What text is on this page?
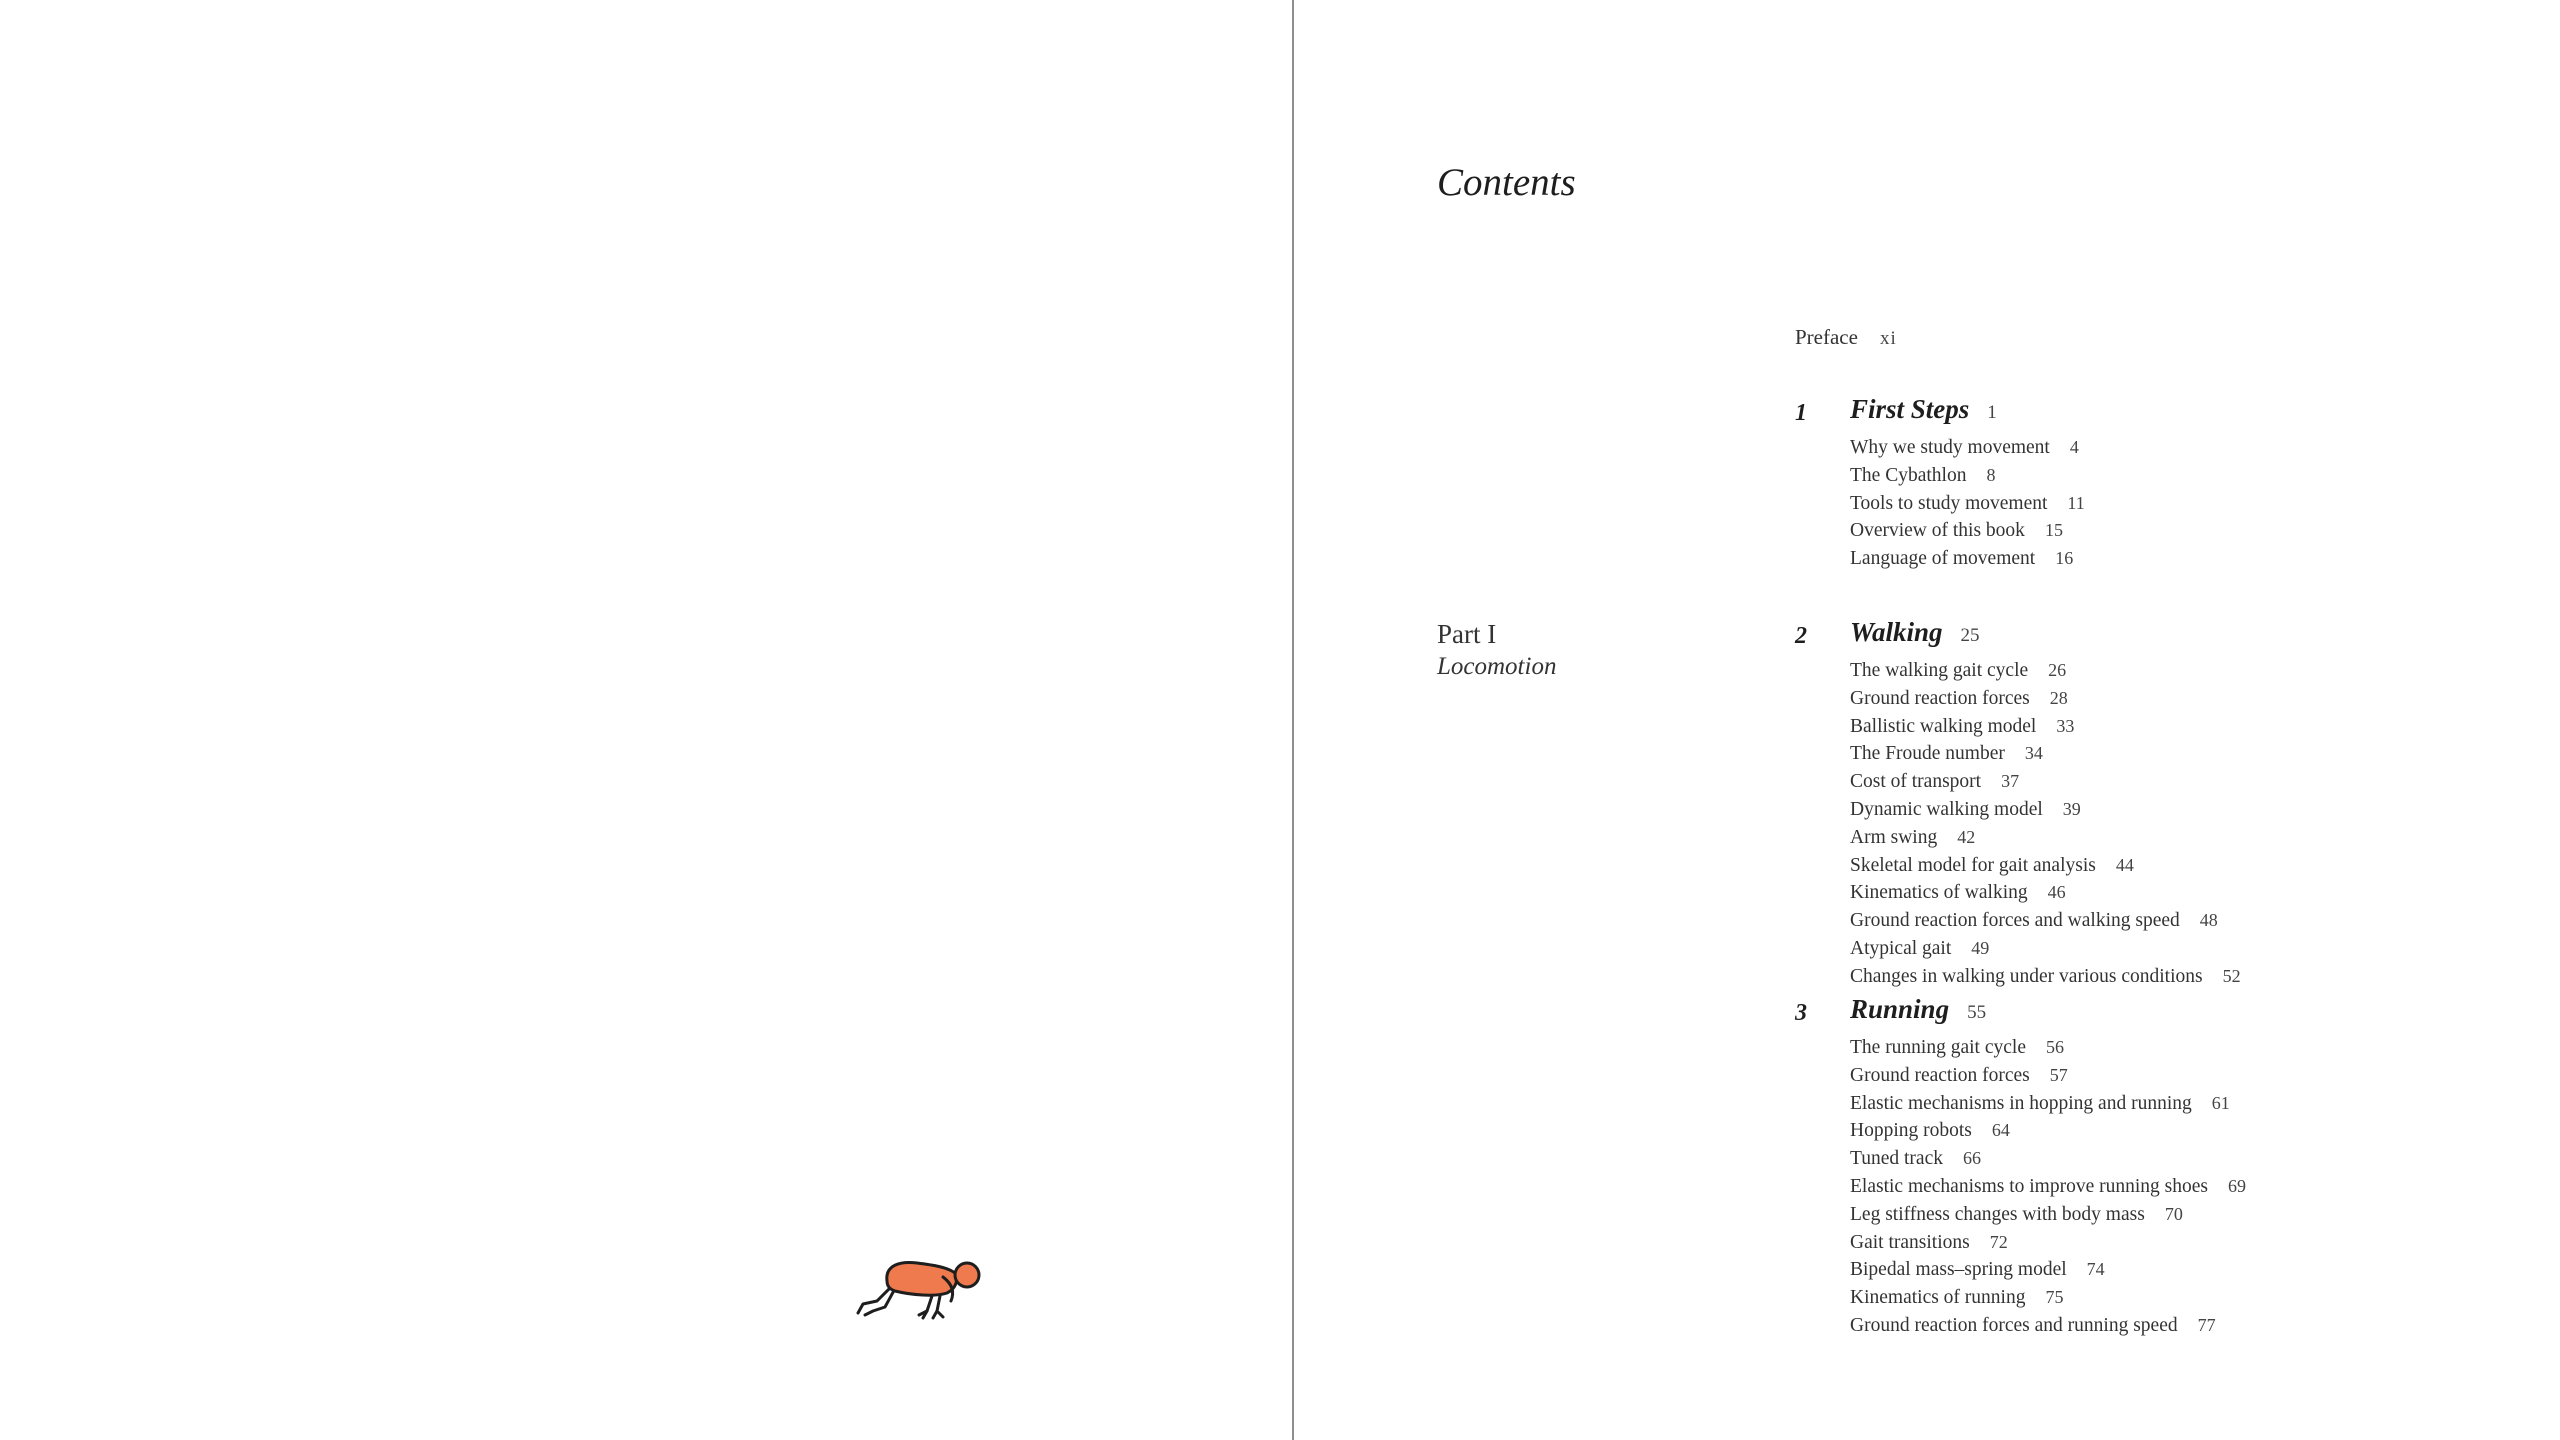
Contents
Part I
Locomotion
Preface xi
1 First Steps 1
Why we study movement 4
The Cybathlon 8
Tools to study movement 11
Overview of this book 15
Language of movement 16
2 Walking 25
The walking gait cycle 26
Ground reaction forces 28
Ballistic walking model 33
The Froude number 34
Cost of transport 37
Dynamic walking model 39
Arm swing 42
Skeletal model for gait analysis 44
Kinematics of walking 46
Ground reaction forces and walking speed 48
Atypical gait 49
Changes in walking under various conditions 52
3 Running 55
The running gait cycle 56
Ground reaction forces 57
Elastic mechanisms in hopping and running 61
Hopping robots 64
Tuned track 66
Elastic mechanisms to improve running shoes 69
Leg stiffness changes with body mass 70
Gait transitions 72
Bipedal mass–spring model 74
Kinematics of running 75
Ground reaction forces and running speed 77
